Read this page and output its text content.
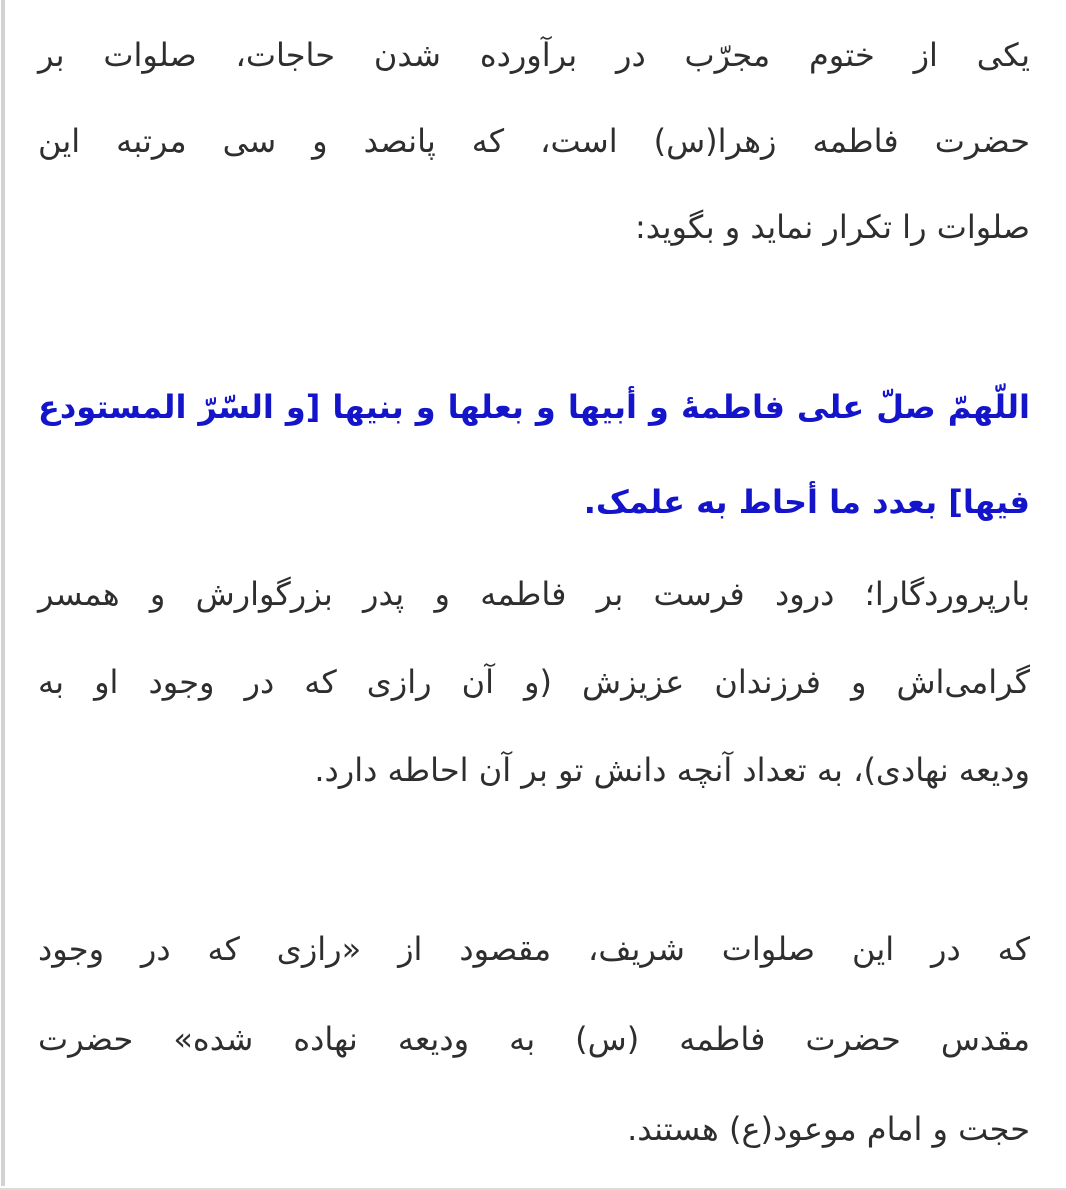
یکی از ختوم مجرّب در برآورده شدن حاجات، صلوات بر
حضرت فاطمه زهرا(س) است، که پانصد و سی مرتبه این
صلوات را تکرار نماید و بگوید:

اللّهمّ صلّ علی فاطمهٔ و أبیها و بعلها و بنیها [و السّرّ المستودع
فیها] بعدد ما أحاط به علمک.

بارپروردگارا؛ درود فرست بر فاطمه و پدر بزرگوارش و همسر
گرامی‌اش و فرزندان عزیزش (و آن رازی که در وجود او به
ودیعه نهادی)، به تعداد آنچه دانش تو بر آن احاطه دارد.

که در این صلوات شریف، مقصود از «رازی که در وجود
مقدس حضرت فاطمه (س) به ودیعه نهاده شده» حضرت
حجت و امام موعود(ع) هستند.
